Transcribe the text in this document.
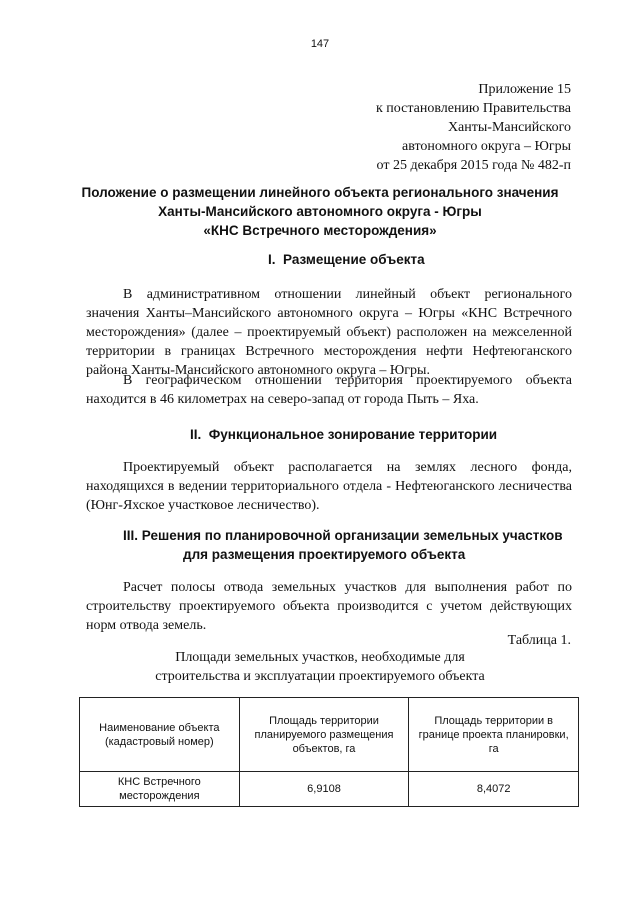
147
Приложение 15
к постановлению Правительства
Ханты-Мансийского
автономного округа – Югры
от 25 декабря 2015 года № 482-п
Положение о размещении линейного объекта регионального значения
Ханты-Мансийского автономного округа - Югры
«КНС Встречного месторождения»
I. Размещение объекта
В административном отношении линейный объект регионального значения Ханты–Мансийского автономного округа – Югры «КНС Встречного месторождения» (далее – проектируемый объект) расположен на межселенной территории в границах Встречного месторождения нефти Нефтеюганского района Ханты-Мансийского автономного округа – Югры.
В географическом отношении территория проектируемого объекта находится в 46 километрах на северо-запад от города Пыть – Яха.
II. Функциональное зонирование территории
Проектируемый объект располагается на землях лесного фонда, находящихся в ведении территориального отдела - Нефтеюганского лесничества (Юнг-Яхское участковое лесничество).
III. Решения по планировочной организации земельных участков
для размещения проектируемого объекта
Расчет полосы отвода земельных участков для выполнения работ по строительству проектируемого объекта производится с учетом действующих норм отвода земель.
Таблица 1.
Площади земельных участков, необходимые для
строительства и эксплуатации проектируемого объекта
Наименование объекта (кадастровый номер)	Площадь территории планируемого размещения объектов, га	Площадь территории в границе проекта планировки, га
КНС Встречного месторождения	6,9108	8,4072
